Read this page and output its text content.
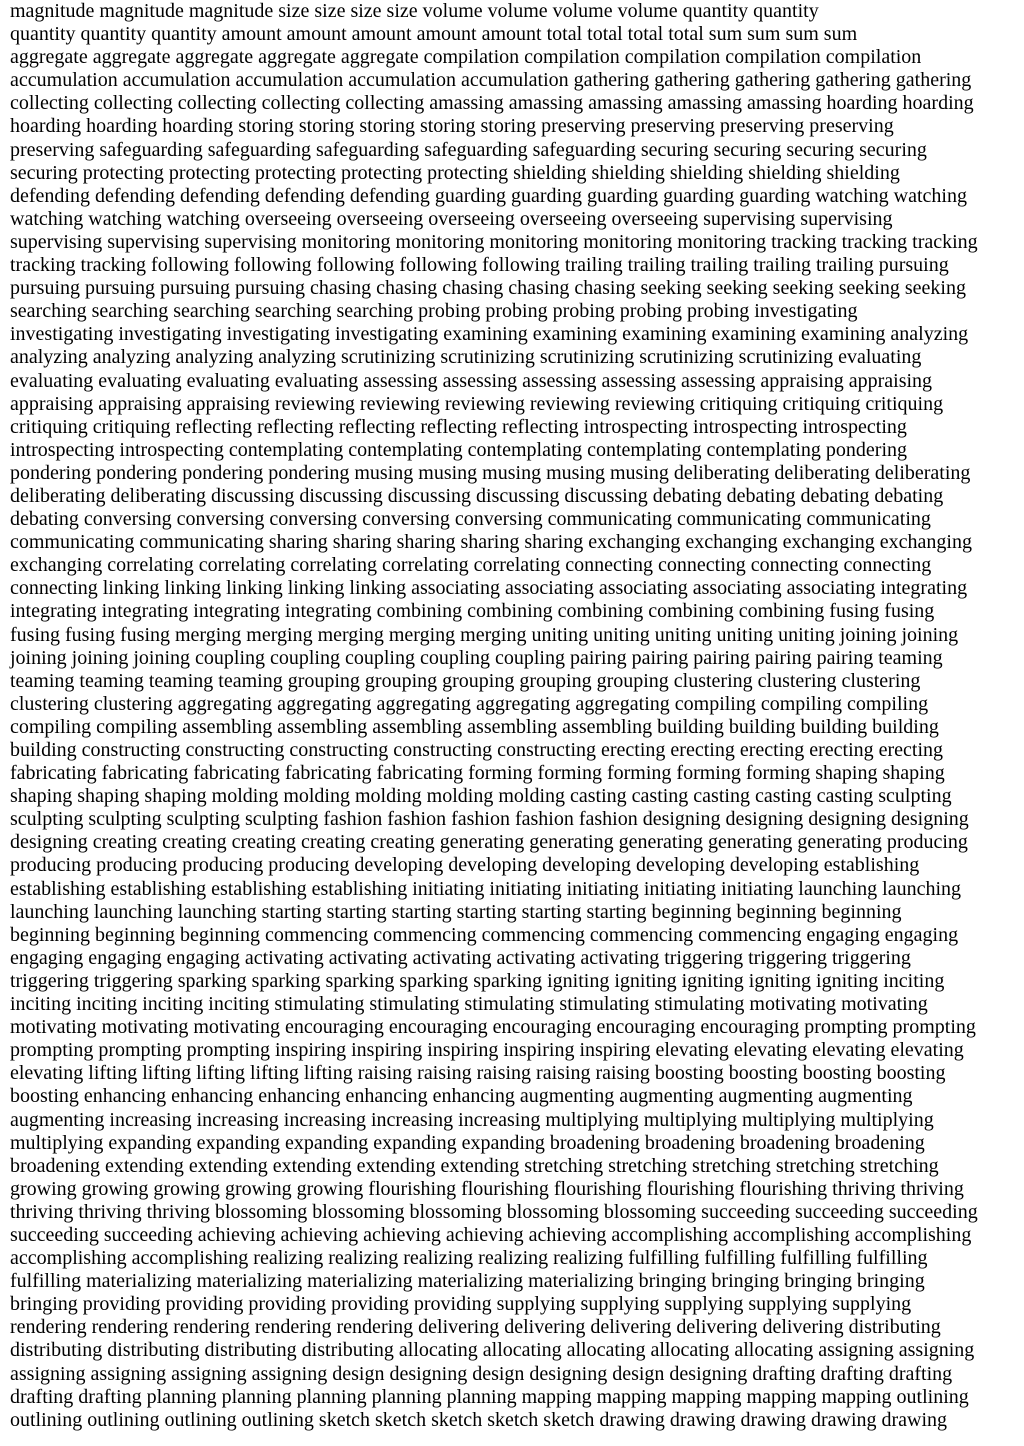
magnitude magnitude magnitude size size size size volume volume volume volume quantity quantity
quantity quantity quantity amount amount amount amount amount total total total total sum sum sum sum
aggregate aggregate aggregate aggregate aggregate compilation compilation compilation compilation compilation
accumulation accumulation accumulation accumulation accumulation gathering gathering gathering gathering gathering
collecting collecting collecting collecting collecting amassing amassing amassing amassing amassing hoarding hoarding
hoarding hoarding hoarding storing storing storing storing storing preserving preserving preserving preserving
preserving safeguarding safeguarding safeguarding safeguarding safeguarding securing securing securing securing
securing protecting protecting protecting protecting protecting shielding shielding shielding shielding shielding
defending defending defending defending defending guarding guarding guarding guarding guarding watching watching
watching watching watching overseeing overseeing overseeing overseeing overseeing supervising supervising
supervising supervising supervising monitoring monitoring monitoring monitoring monitoring tracking tracking tracking
tracking tracking following following following following following trailing trailing trailing trailing trailing pursuing
pursuing pursuing pursuing pursuing chasing chasing chasing chasing chasing seeking seeking seeking seeking seeking
searching searching searching searching searching probing probing probing probing probing investigating
investigating investigating investigating investigating examining examining examining examining examining analyzing
analyzing analyzing analyzing analyzing scrutinizing scrutinizing scrutinizing scrutinizing scrutinizing evaluating
evaluating evaluating evaluating evaluating assessing assessing assessing assessing assessing appraising appraising
appraising appraising appraising reviewing reviewing reviewing reviewing reviewing critiquing critiquing critiquing
critiquing critiquing reflecting reflecting reflecting reflecting reflecting introspecting introspecting introspecting
introspecting introspecting contemplating contemplating contemplating contemplating contemplating pondering
pondering pondering pondering pondering musing musing musing musing musing deliberating deliberating deliberating
deliberating deliberating discussing discussing discussing discussing discussing debating debating debating debating
debating conversing conversing conversing conversing conversing communicating communicating communicating
communicating communicating sharing sharing sharing sharing sharing exchanging exchanging exchanging exchanging
exchanging correlating correlating correlating correlating correlating connecting connecting connecting connecting
connecting linking linking linking linking linking associating associating associating associating associating integrating
integrating integrating integrating integrating combining combining combining combining combining fusing fusing
fusing fusing fusing merging merging merging merging merging uniting uniting uniting uniting uniting joining joining
joining joining joining coupling coupling coupling coupling coupling pairing pairing pairing pairing pairing teaming
teaming teaming teaming teaming grouping grouping grouping grouping grouping clustering clustering clustering
clustering clustering aggregating aggregating aggregating aggregating aggregating compiling compiling compiling
compiling compiling assembling assembling assembling assembling assembling building building building building
building constructing constructing constructing constructing constructing erecting erecting erecting erecting erecting
fabricating fabricating fabricating fabricating fabricating forming forming forming forming forming shaping shaping
shaping shaping shaping molding molding molding molding molding casting casting casting casting casting sculpting
sculpting sculpting sculpting sculpting fashion fashion fashion fashion fashion designing designing designing designing
designing creating creating creating creating creating generating generating generating generating generating producing
producing producing producing producing developing developing developing developing developing establishing
establishing establishing establishing establishing initiating initiating initiating initiating initiating launching launching
launching launching launching starting starting starting starting starting starting beginning beginning beginning
beginning beginning beginning commencing commencing commencing commencing commencing engaging engaging
engaging engaging engaging activating activating activating activating activating triggering triggering triggering
triggering triggering sparking sparking sparking sparking sparking igniting igniting igniting igniting igniting inciting
inciting inciting inciting inciting stimulating stimulating stimulating stimulating stimulating motivating motivating
motivating motivating motivating encouraging encouraging encouraging encouraging encouraging prompting prompting
prompting prompting prompting inspiring inspiring inspiring inspiring inspiring elevating elevating elevating elevating
elevating lifting lifting lifting lifting lifting raising raising raising raising raising boosting boosting boosting boosting
boosting enhancing enhancing enhancing enhancing enhancing augmenting augmenting augmenting augmenting
augmenting increasing increasing increasing increasing increasing multiplying multiplying multiplying multiplying
multiplying expanding expanding expanding expanding expanding broadening broadening broadening broadening
broadening extending extending extending extending extending stretching stretching stretching stretching stretching
growing growing growing growing growing flourishing flourishing flourishing flourishing flourishing thriving thriving
thriving thriving thriving blossoming blossoming blossoming blossoming blossoming succeeding succeeding succeeding
succeeding succeeding achieving achieving achieving achieving achieving accomplishing accomplishing accomplishing
accomplishing accomplishing realizing realizing realizing realizing realizing fulfilling fulfilling fulfilling fulfilling
fulfilling materializing materializing materializing materializing materializing bringing bringing bringing bringing
bringing providing providing providing providing providing supplying supplying supplying supplying supplying
rendering rendering rendering rendering rendering delivering delivering delivering delivering delivering distributing
distributing distributing distributing distributing allocating allocating allocating allocating allocating assigning assigning
assigning assigning assigning assigning design designing design designing design designing drafting drafting drafting
drafting drafting planning planning planning planning planning mapping mapping mapping mapping mapping outlining
outlining outlining outlining outlining sketch sketch sketch sketch sketch drawing drawing drawing drawing drawing
